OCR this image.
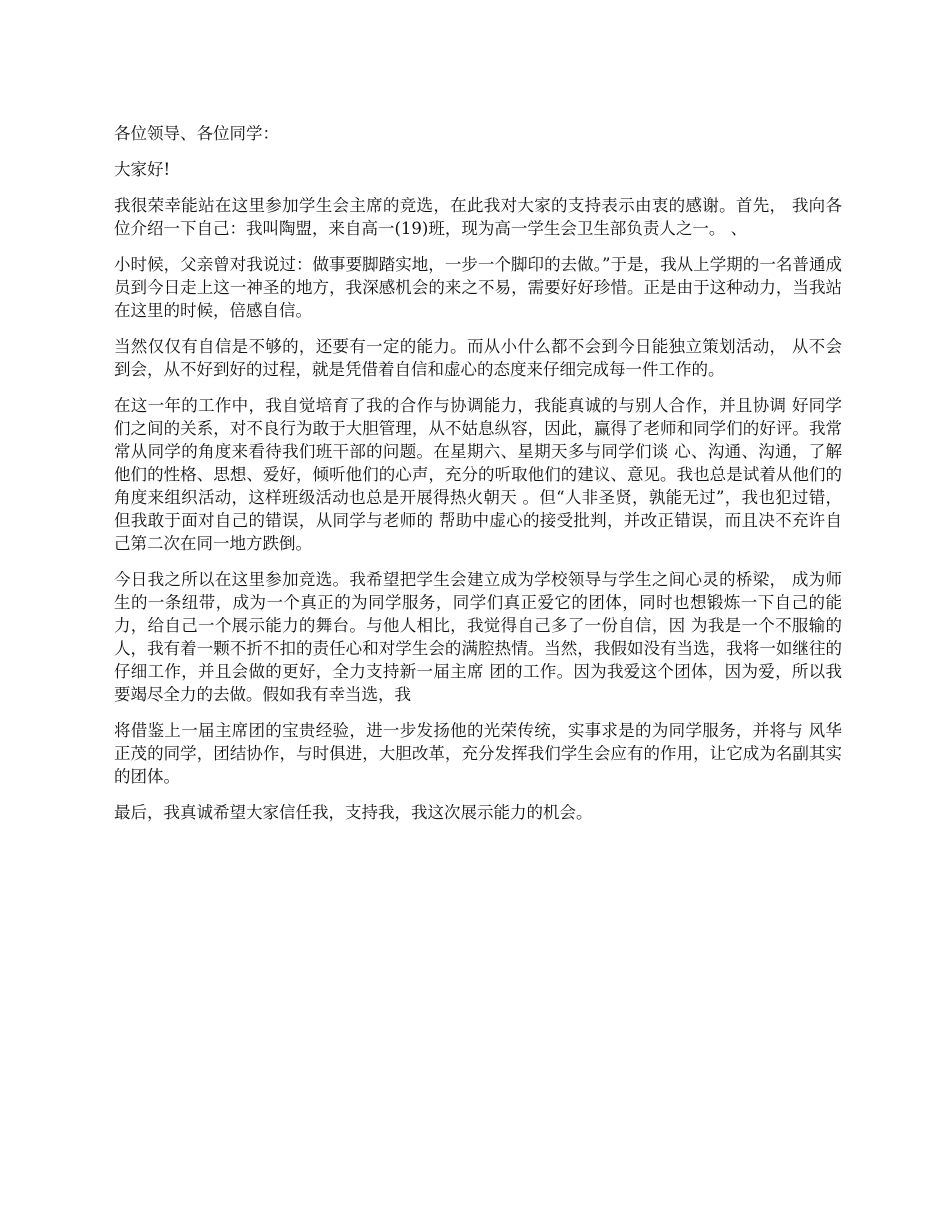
各位领导、各位同学：

大家好!

我很荣幸能站在这里参加学生会主席的竞选，在此我对大家的支持表示由衷的感谢。首先， 我向各位介绍一下自己：我叫陶盟，来自高一(19)班，现为高一学生会卫生部负责人之一。 、

小时候，父亲曾对我说过：做事要脚踏实地，一步一个脚印的去做。”于是，我从上学期的一名普通成员到今日走上这一神圣的地方，我深感机会的来之不易，需要好好珍惜。正是由于这种动力，当我站在这里的时候，倍感自信。

当然仅仅有自信是不够的，还要有一定的能力。而从小什么都不会到今日能独立策划活动， 从不会到会，从不好到好的过程，就是凭借着自信和虚心的态度来仔细完成每一件工作的。

在这一年的工作中，我自觉培育了我的合作与协调能力，我能真诚的与别人合作，并且协调 好同学们之间的关系，对不良行为敢于大胆管理，从不姑息纵容，因此，赢得了老师和同学们的好评。我常常从同学的角度来看待我们班干部的问题。在星期六、星期天多与同学们谈 心、沟通、沟通，了解他们的性格、思想、爱好，倾听他们的心声，充分的听取他们的建议、意见。我也总是试着从他们的角度来组织活动，这样班级活动也总是开展得热火朝天 。但“人非圣贤，孰能无过”，我也犯过错，但我敢于面对自己的错误，从同学与老师的 帮助中虚心的接受批判，并改正错误，而且决不充许自己第二次在同一地方跌倒。

今日我之所以在这里参加竞选。我希望把学生会建立成为学校领导与学生之间心灵的桥梁， 成为师生的一条纽带，成为一个真正的为同学服务，同学们真正爱它的团体，同时也想锻炼一下自己的能力，给自己一个展示能力的舞台。与他人相比，我觉得自己多了一份自信，因 为我是一个不服输的人，我有着一颗不折不扣的责任心和对学生会的满腔热情。当然，我假如没有当选，我将一如继往的仔细工作，并且会做的更好，全力支持新一届主席 团的工作。因为我爱这个团体，因为爱，所以我要竭尽全力的去做。假如我有幸当选，我

将借鉴上一届主席团的宝贵经验，进一步发扬他的光荣传统，实事求是的为同学服务，并将与 风华正茂的同学，团结协作，与时俱进，大胆改革，充分发挥我们学生会应有的作用，让它成为名副其实的团体。

最后，我真诚希望大家信任我，支持我，我这次展示能力的机会。
